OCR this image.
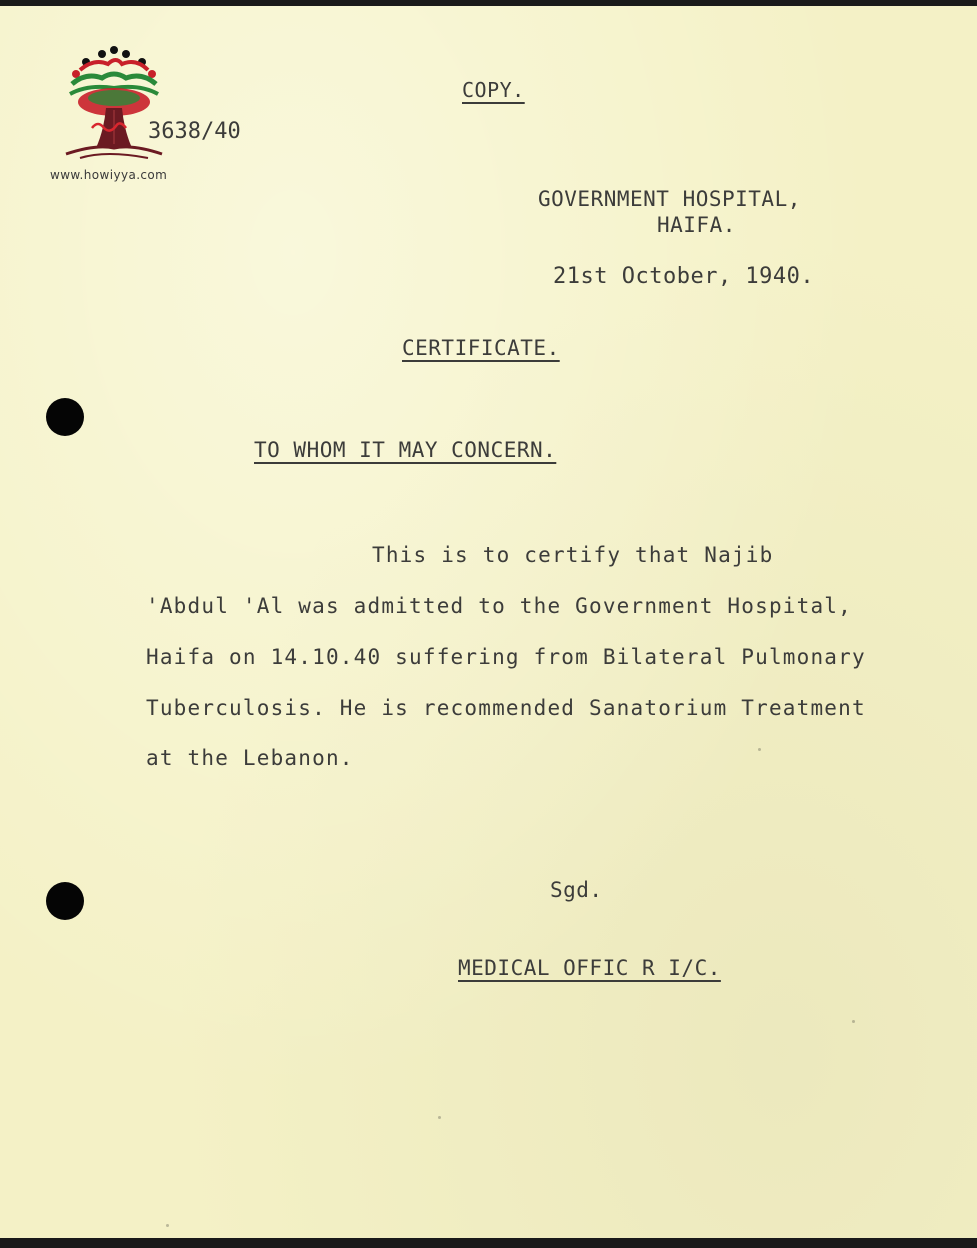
www.howiyya.com
3638/40
COPY.
GOVERNMENT HOSPITAL,
HAIFA.
21st October, 1940.
CERTIFICATE.
TO WHOM IT MAY CONCERN.
This is to certify that Najib
'Abdul 'Al was admitted to the Government Hospital,
Haifa on 14.10.40 suffering from Bilateral Pulmonary
Tuberculosis. He is recommended Sanatorium Treatment
at the Lebanon.
Sgd.
MEDICAL OFFIC R I/C.
